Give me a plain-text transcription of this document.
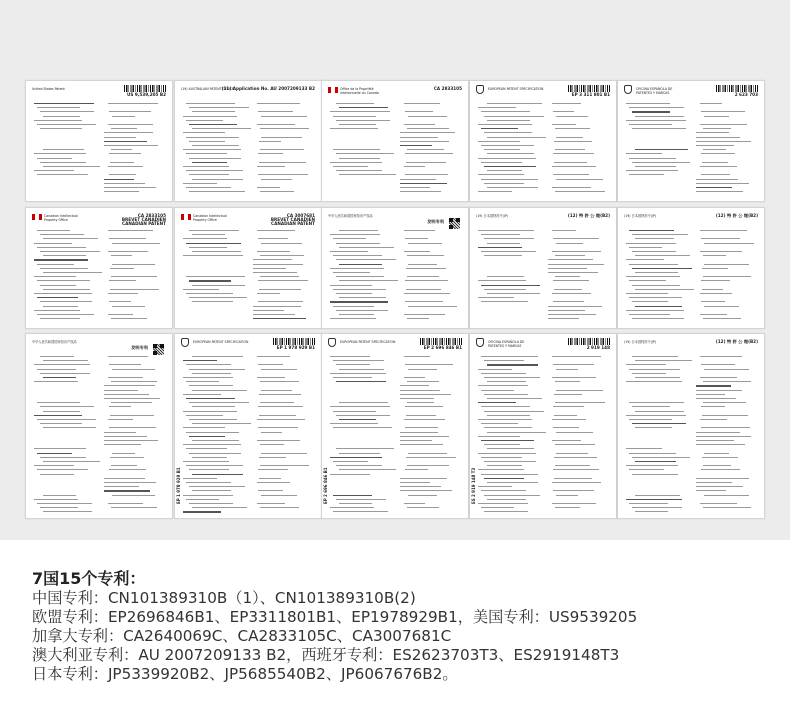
United States Patent
US 9,539,205 B2
(19) AUSTRALIAN PATENT OFFICE
(11) Application No. AU 2007209133 B2	Office de la Propriété
Intellectuelle du Canada
CA 2833105	EUROPEAN PATENT SPECIFICATION
EP 3 311 801 B1
OFICINA ESPAÑOLA DE
PATENTES Y MARCAS	2 623 703
Canadian Intellectual
Property Office
CA 2833105
BREVET CANADIEN
CANADIAN PATENT
Canadian Intellectual
Property Office
CA 3007681
BREVET CANADIEN
CANADIAN PATENT
中华人民共和国国家知识产权局
发明专利
(19) 日本国特許庁(JP)	(12) 特 許 公 報(B2)	(19) 日本国特許庁(JP)	(12) 特 許 公 報(B2)
中华人民共和国国家知识产权局
发明专利
EUROPEAN PATENT SPECIFICATION
EP 1 978 929 B1
EP 1 978 929 B1
EUROPEAN PATENT SPECIFICATION
EP 2 696 846 B1
EP 2 696 846 B1
OFICINA ESPAÑOLA DE
PATENTES Y MARCAS	2 919 148
ES 2 919 148 T3
(19) 日本国特許庁(JP)	(12) 特 許 公 報(B2)
7国15个专利：
中国专利：CN101389310B（1）、CN101389310B(2)
欧盟专利：EP2696846B1、EP3311801B1、EP1978929B1，美国专利：US9539205
加拿大专利：CA2640069C、CA2833105C、CA3007681C
澳大利亚专利：AU 2007209133 B2，西班牙专利：ES2623703T3、ES2919148T3
日本专利：JP5339920B2、JP5685540B2、JP6067676B2。
